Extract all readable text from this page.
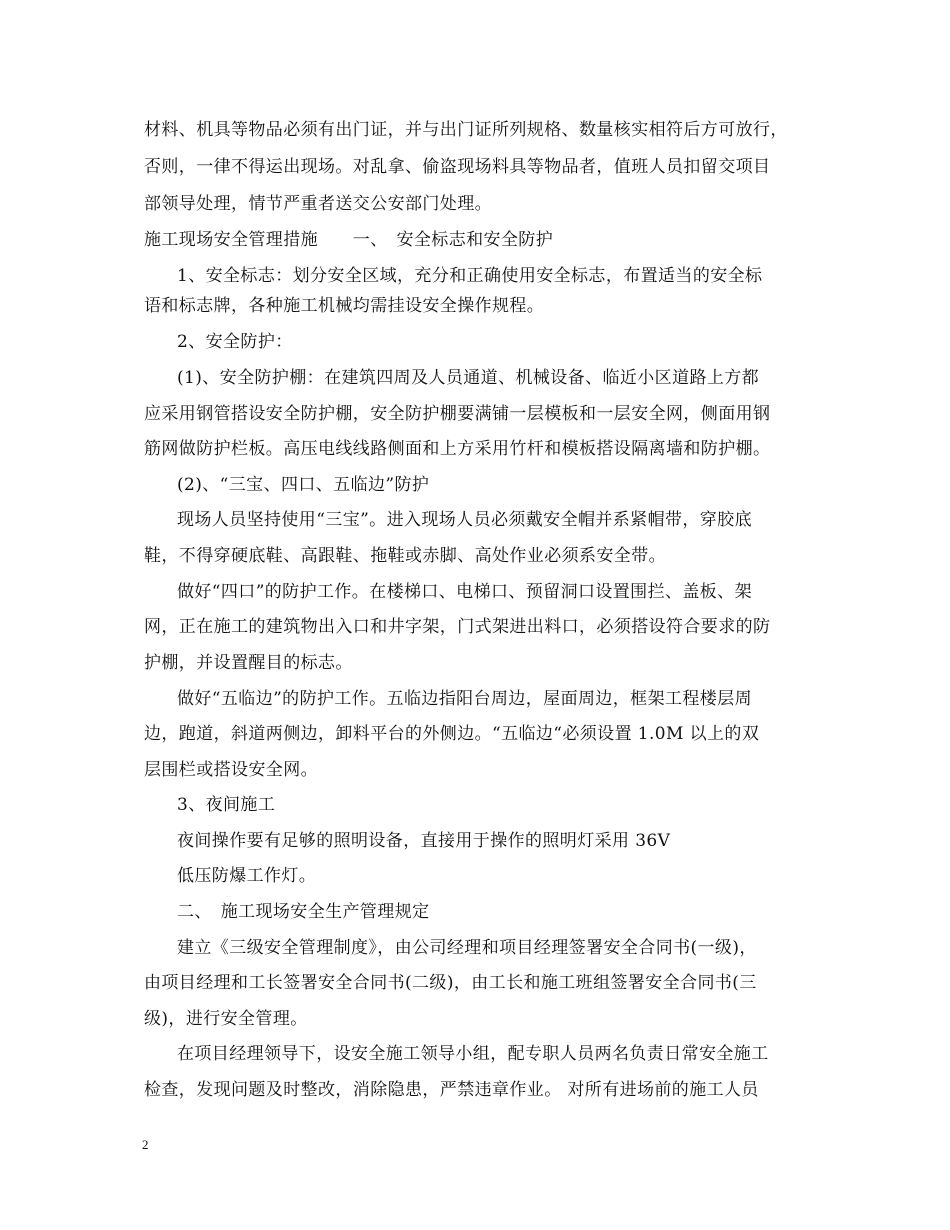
材料、机具等物品必须有出门证，并与出门证所列规格、数量核实相符后方可放行，
否则，一律不得运出现场。对乱拿、偷盗现场料具等物品者，值班人员扣留交项目
部领导处理，情节严重者送交公安部门处理。
施工现场安全管理措施　　一、　安全标志和安全防护
1、安全标志：划分安全区域，充分和正确使用安全标志，布置适当的安全标
语和标志牌，各种施工机械均需挂设安全操作规程。
2、安全防护：
(1)、安全防护棚：在建筑四周及人员通道、机械设备、临近小区道路上方都
应采用钢管搭设安全防护棚，安全防护棚要满铺一层模板和一层安全网，侧面用钢
筋网做防护栏板。高压电线线路侧面和上方采用竹杆和模板搭设隔离墙和防护棚。
(2)、“三宝、四口、五临边”防护
现场人员坚持使用“三宝”。进入现场人员必须戴安全帽并系紧帽带，穿胶底
鞋，不得穿硬底鞋、高跟鞋、拖鞋或赤脚、高处作业必须系安全带。
做好“四口”的防护工作。在楼梯口、电梯口、预留洞口设置围拦、盖板、架
网，正在施工的建筑物出入口和井字架，门式架进出料口，必须搭设符合要求的防
护棚，并设置醒目的标志。
做好“五临边”的防护工作。五临边指阳台周边，屋面周边，框架工程楼层周
边，跑道，斜道两侧边，卸料平台的外侧边。“五临边“必须设置 1.0M 以上的双
层围栏或搭设安全网。
3、夜间施工
夜间操作要有足够的照明设备，直接用于操作的照明灯采用 36V
低压防爆工作灯。
二、　施工现场安全生产管理规定
建立《三级安全管理制度》，由公司经理和项目经理签署安全合同书(一级)，
由项目经理和工长签署安全合同书(二级)，由工长和施工班组签署安全合同书(三
级)，进行安全管理。
在项目经理领导下，设安全施工领导小组，配专职人员两名负责日常安全施工
检查，发现问题及时整改，消除隐患，严禁违章作业。 对所有进场前的施工人员
2
